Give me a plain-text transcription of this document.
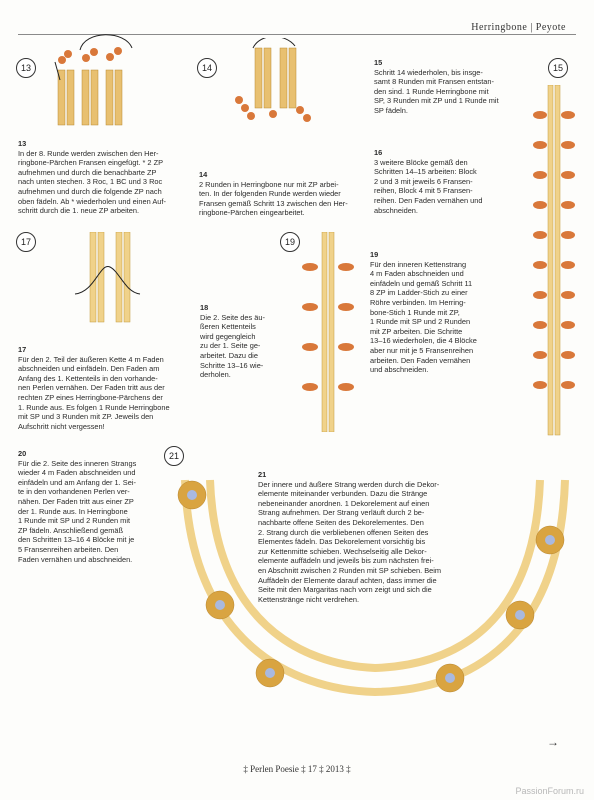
Herringbone | Peyote
13
13
In der 8. Runde werden zwischen den Her-
ringbone-Pärchen Fransen eingefügt. * 2 ZP
aufnehmen und durch die benachbarte ZP
nach unten stechen. 3 Roc, 1 BC und 3 Roc
aufnehmen und durch die folgende ZP nach
oben fädeln. Ab * wiederholen und einen Auf-
schritt durch die 1. neue ZP arbeiten.
14
14
2 Runden in Herringbone nur mit ZP arbei-
ten. In der folgenden Runde werden wieder
Fransen gemäß Schritt 13 zwischen den Her-
ringbone-Pärchen eingearbeitet.
15
15
Schritt 14 wiederholen, bis insge-
samt 8 Runden mit Fransen entstan-
den sind. 1 Runde Herringbone mit
SP, 3 Runden mit ZP und 1 Runde mit
SP fädeln.
16
3 weitere Blöcke gemäß den
Schritten 14–15 arbeiten: Block
2 und 3 mit jeweils 6 Fransen-
reihen, Block 4 mit 5 Fransen-
reihen. Den Faden vernähen und
abschneiden.
17
17
Für den 2. Teil der äußeren Kette 4 m Faden
abschneiden und einfädeln. Den Faden am
Anfang des 1. Kettenteils in den vorhande-
nen Perlen vernähen. Der Faden tritt aus der
rechten ZP eines Herringbone-Pärchens der
1. Runde aus. Es folgen 1 Runde Herringbone
mit SP und 3 Runden mit ZP. Jeweils den
Aufschritt nicht vergessen!
18
Die 2. Seite des äu-
ßeren Kettenteils
wird gegengleich
zu der 1. Seite ge-
arbeitet. Dazu die
Schritte 13–16 wie-
derholen.
19
19
Für den inneren Kettenstrang
4 m Faden abschneiden und
einfädeln und gemäß Schritt 11
8 ZP im Ladder-Stich zu einer
Röhre verbinden. Im Herring-
bone-Stich 1 Runde mit ZP,
1 Runde mit SP und 2 Runden
mit ZP arbeiten. Die Schritte
13–16 wiederholen, die 4 Blöcke
aber nur mit je 5 Fransenreihen
arbeiten. Den Faden vernähen
und abschneiden.
20
Für die 2. Seite des inneren Strangs
wieder 4 m Faden abschneiden und
einfädeln und am Anfang der 1. Sei-
te in den vorhandenen Perlen ver-
nähen. Der Faden tritt aus einer ZP
der 1. Runde aus. In Herringbone
1 Runde mit SP und 2 Runden mit
ZP fädeln. Anschließend gemäß
den Schritten 13–16 4 Blöcke mit je
5 Fransenreihen arbeiten. Den
Faden vernähen und abschneiden.
21
21
Der innere und äußere Strang werden durch die Dekor-
elemente miteinander verbunden. Dazu die Stränge
nebeneinander anordnen. 1 Dekorelement auf einen
Strang aufnehmen. Der Strang verläuft durch 2 be-
nachbarte offene Seiten des Dekorelementes. Den
2. Strang durch die verbliebenen offenen Seiten des
Elementes fädeln. Das Dekorelement vorsichtig bis
zur Kettenmitte schieben. Wechselseitig alle Dekor-
elemente auffädeln und jeweils bis zum nächsten frei-
en Abschnitt zwischen 2 Runden mit SP schieben. Beim
Auffädeln der Elemente darauf achten, dass immer die
Seite mit den Margaritas nach vorn zeigt und sich die
Kettenstränge nicht verdrehen.
→
‡ Perlen Poesie ‡ 17 ‡ 2013 ‡
PassionForum.ru
